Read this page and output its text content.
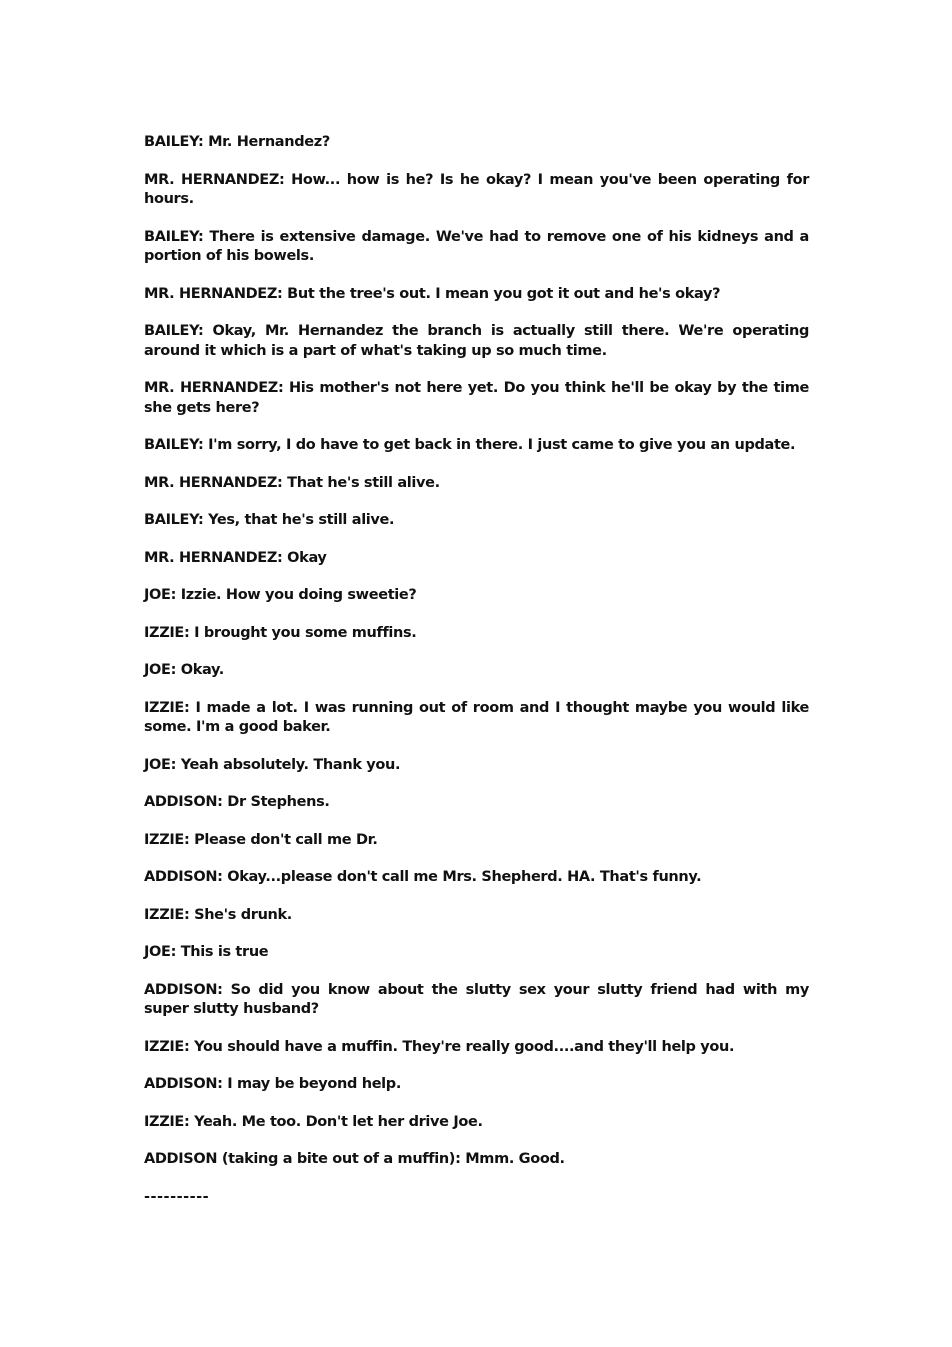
BAILEY: Mr. Hernandez?

MR. HERNANDEZ: How... how is he? Is he okay? I mean you've been operating for hours.

BAILEY: There is extensive damage. We've had to remove one of his kidneys and a portion of his bowels.

MR. HERNANDEZ: But the tree's out. I mean you got it out and he's okay?

BAILEY: Okay, Mr. Hernandez the branch is actually still there. We're operating around it which is a part of what's taking up so much time.

MR. HERNANDEZ: His mother's not here yet. Do you think he'll be okay by the time she gets here?

BAILEY: I'm sorry, I do have to get back in there. I just came to give you an update.

MR. HERNANDEZ: That he's still alive.

BAILEY: Yes, that he's still alive.

MR. HERNANDEZ: Okay

JOE: Izzie. How you doing sweetie?

IZZIE: I brought you some muffins.

JOE: Okay.

IZZIE: I made a lot. I was running out of room and I thought maybe you would like some. I'm a good baker.

JOE: Yeah absolutely. Thank you.

ADDISON: Dr Stephens.

IZZIE: Please don't call me Dr.

ADDISON: Okay...please don't call me Mrs. Shepherd. HA. That's funny.

IZZIE: She's drunk.

JOE: This is true

ADDISON: So did you know about the slutty sex your slutty friend had with my super slutty husband?

IZZIE: You should have a muffin. They're really good....and they'll help you.

ADDISON: I may be beyond help.

IZZIE: Yeah. Me too. Don't let her drive Joe.

ADDISON (taking a bite out of a muffin): Mmm. Good.

----------
